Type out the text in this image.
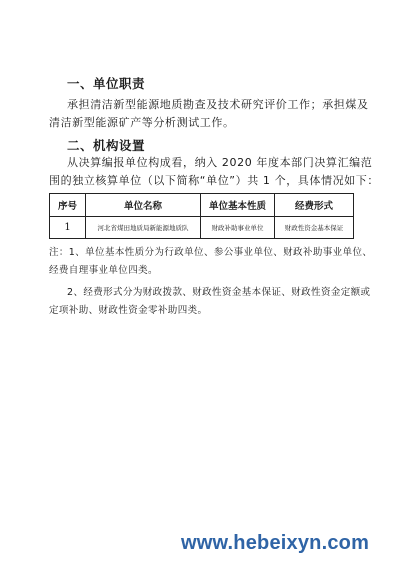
一、单位职责
承担清洁新型能源地质勘查及技术研究评价工作；承担煤及
清洁新型能源矿产等分析测试工作。
二、机构设置
从决算编报单位构成看，纳入 2020 年度本部门决算汇编范
围的独立核算单位（以下简称“单位”）共 1 个，具体情况如下：
序号	单位名称	单位基本性质	经费形式
1	河北省煤田地质局新能源地质队	财政补助事业单位	财政性资金基本保证
注：1、单位基本性质分为行政单位、参公事业单位、财政补助事业单位、
经费自理事业单位四类。
2、经费形式分为财政拨款、财政性资金基本保证、财政性资金定额或
定项补助、财政性资金零补助四类。
www.hebeixyn.com
